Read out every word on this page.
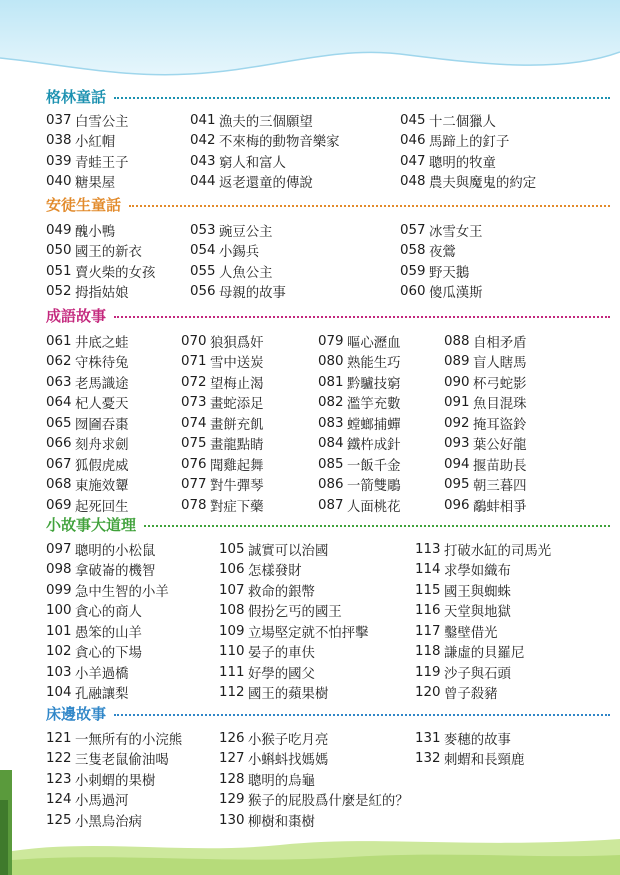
格林童話
037 白雪公主
038 小紅帽
039 青蛙王子
040 糖果屋
041 漁夫的三個願望
042 不來梅的動物音樂家
043 窮人和富人
044 返老還童的傳說
045 十二個獵人
046 馬蹄上的釘子
047 聰明的牧童
048 農夫與魔鬼的約定
安徒生童話
049 醜小鴨
050 國王的新衣
051 賣火柴的女孩
052 拇指姑娘
053 豌豆公主
054 小錫兵
055 人魚公主
056 母親的故事
057 冰雪女王
058 夜鶯
059 野天鵝
060 傻瓜漢斯
成語故事
061 井底之蛙
062 守株待兔
063 老馬識途
064 杞人憂天
065 囫圇吞棗
066 刻舟求劍
067 狐假虎威
068 東施效顰
069 起死回生
070 狼狽爲奸
071 雪中送炭
072 望梅止渴
073 畫蛇添足
074 畫餅充飢
075 畫龍點睛
076 聞雞起舞
077 對牛彈琴
078 對症下藥
079 嘔心瀝血
080 熟能生巧
081 黔驢技窮
082 濫竽充數
083 螳螂捕蟬
084 鐵杵成針
085 一飯千金
086 一箭雙鵰
087 人面桃花
088 自相矛盾
089 盲人瞎馬
090 杯弓蛇影
091 魚目混珠
092 掩耳盜鈴
093 葉公好龍
094 揠苗助長
095 朝三暮四
096 鷸蚌相爭
小故事大道理
097 聰明的小松鼠
098 拿破崙的機智
099 急中生智的小羊
100 貪心的商人
101 愚笨的山羊
102 貪心的下場
103 小羊過橋
104 孔融讓梨
105 誠實可以治國
106 怎樣發財
107 救命的銀幣
108 假扮乞丐的國王
109 立場堅定就不怕抨擊
110 晏子的車伕
111 好學的國父
112 國王的蘋果樹
113 打破水缸的司馬光
114 求學如織布
115 國王與蜘蛛
116 天堂與地獄
117 鑿壁借光
118 謙虛的貝羅尼
119 沙子與石頭
120 曾子殺豬
床邊故事
121 一無所有的小浣熊
122 三隻老鼠偷油喝
123 小刺蝟的果樹
124 小馬過河
125 小黑烏治病
126 小猴子吃月亮
127 小蝌蚪找媽媽
128 聰明的烏龜
129 猴子的屁股爲什麼是紅的？
130 柳樹和棗樹
131 麥穗的故事
132 刺蝟和長頸鹿
